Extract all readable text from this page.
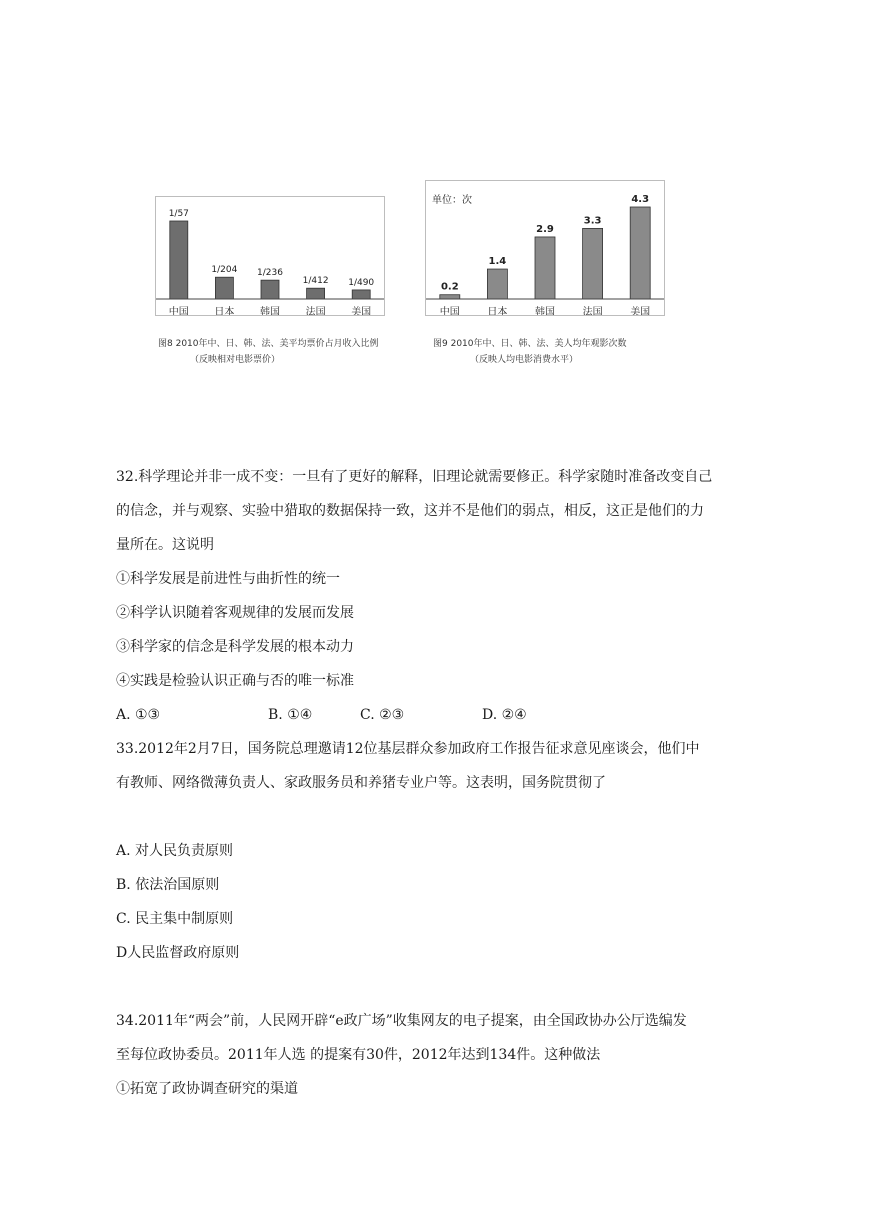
1/57
中国
1/204
日本
1/236
韩国
1/412
法国
1/490
美国
图8 2010年中、日、韩、法、美平均票价占月收入比例
（反映相对电影票价）
单位：次
0.2
中国
1.4
日本
2.9
韩国
3.3
法国
4.3
美国
图9 2010年中、日、韩、法、美人均年观影次数
（反映人均电影消费水平）
32.科学理论并非一成不变：一旦有了更好的解释，旧理论就需要修正。科学家随时准备改变自己
的信念，并与观察、实验中猎取的数据保持一致，这并不是他们的弱点，相反，这正是他们的力
量所在。这说明
①科学发展是前进性与曲折性的统一
②科学认识随着客观规律的发展而发展
③科学家的信念是科学发展的根本动力
④实践是检验认识正确与否的唯一标准
A. ①③	B. ①④	C. ②③	D. ②④
33.2012年2月7日，国务院总理邀请12位基层群众参加政府工作报告征求意见座谈会，他们中
有教师、网络微薄负责人、家政服务员和养猪专业户等。这表明，国务院贯彻了

A. 对人民负责原则
B. 依法治国原则
C. 民主集中制原则
D人民监督政府原则

34.2011年“两会”前，人民网开辟“e政广场”收集网友的电子提案，由全国政协办公厅选编发
至每位政协委员。2011年人选 的提案有30件，2012年达到134件。这种做法
①拓宽了政协调查研究的渠道
